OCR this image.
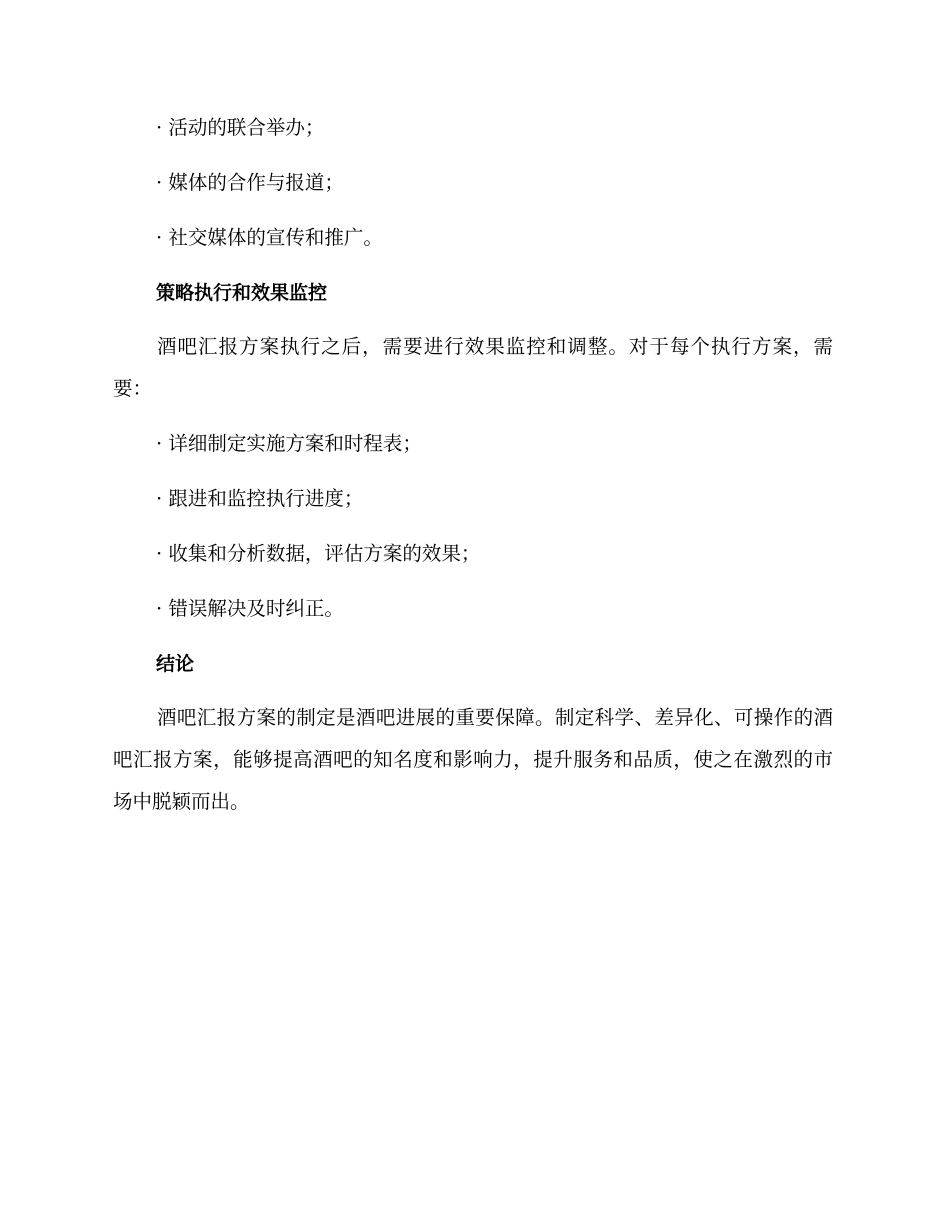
· 活动的联合举办；
· 媒体的合作与报道；
· 社交媒体的宣传和推广。
策略执行和效果监控
酒吧汇报方案执行之后，需要进行效果监控和调整。对于每个执行方案，需要：
· 详细制定实施方案和时程表；
· 跟进和监控执行进度；
· 收集和分析数据，评估方案的效果；
· 错误解决及时纠正。
结论
酒吧汇报方案的制定是酒吧进展的重要保障。制定科学、差异化、可操作的酒吧汇报方案，能够提高酒吧的知名度和影响力，提升服务和品质，使之在激烈的市场中脱颖而出。
